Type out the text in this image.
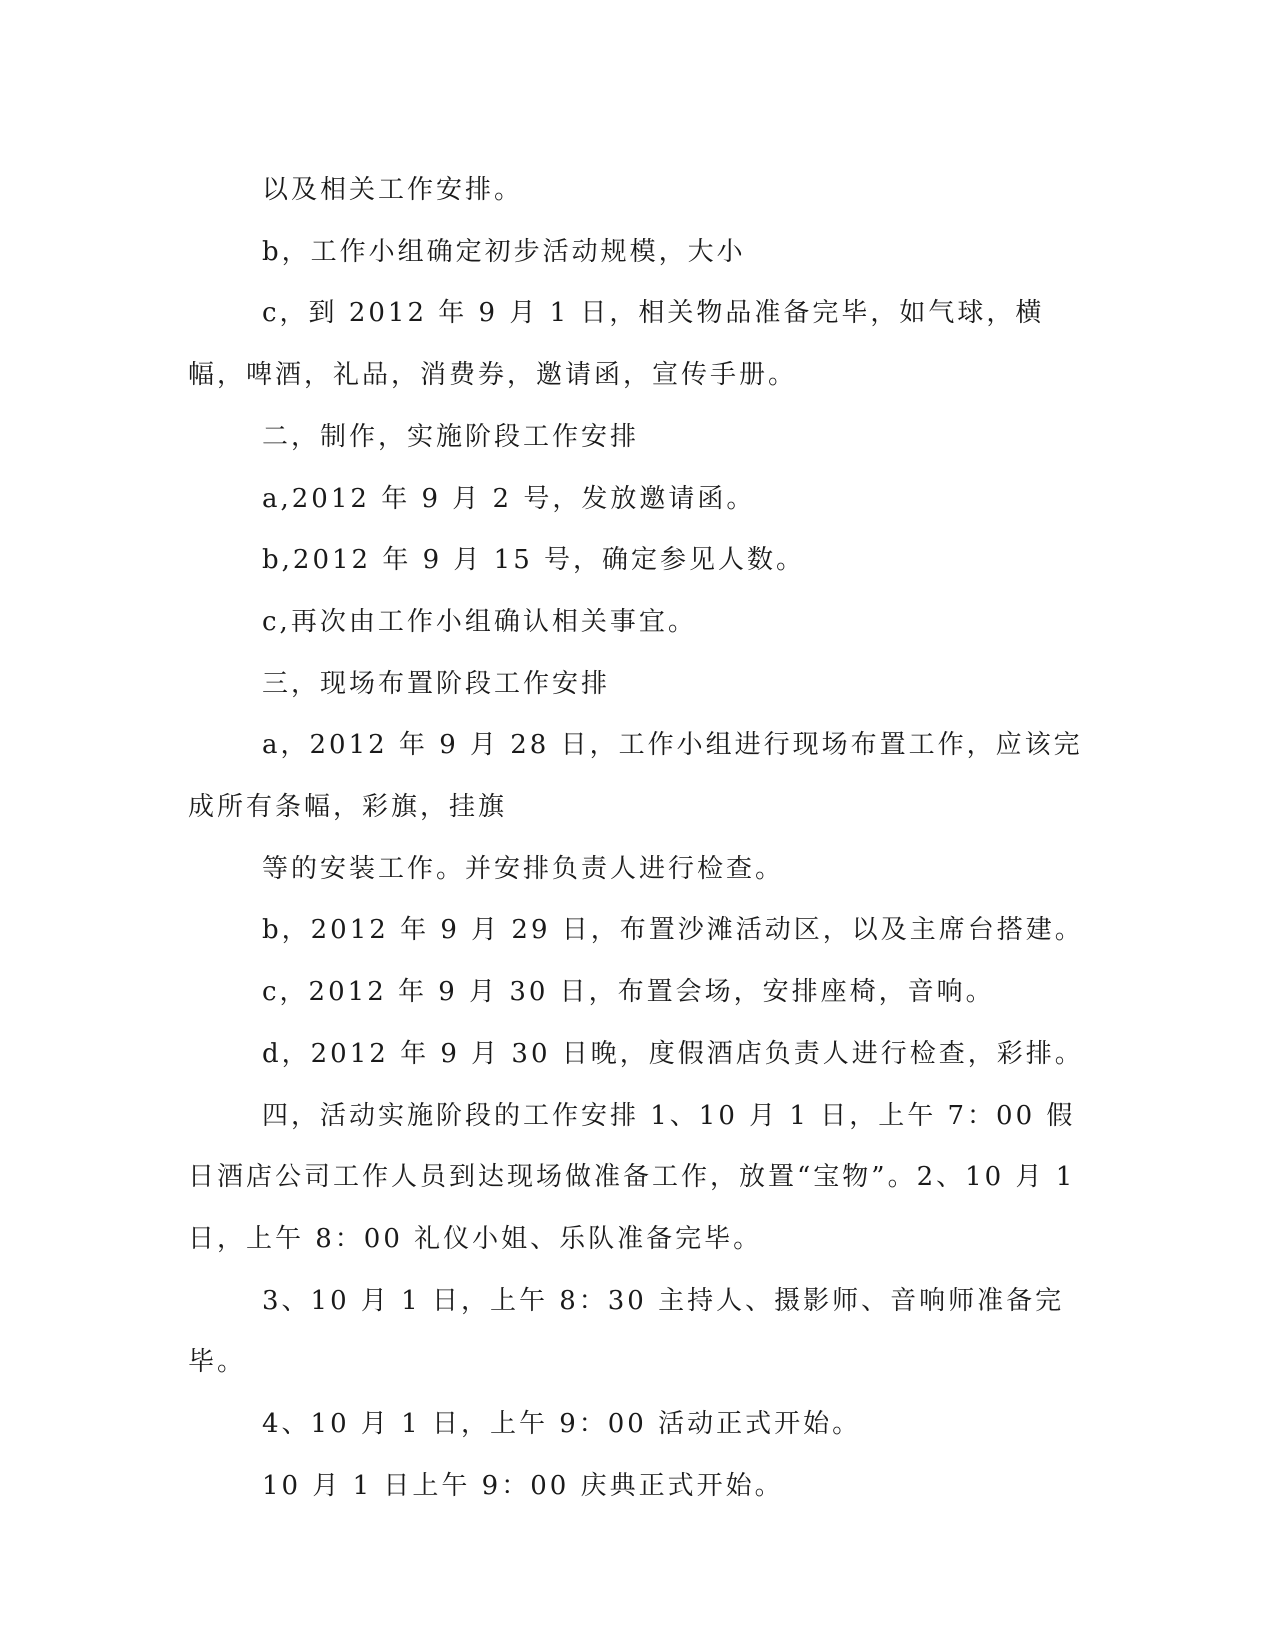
以及相关工作安排。

b，工作小组确定初步活动规模，大小

c，到 2012 年 9 月 1 日，相关物品准备完毕，如气球，横幅，啤酒，礼品，消费券，邀请函，宣传手册。

二，制作，实施阶段工作安排

a,2012 年 9 月 2 号，发放邀请函。

b,2012 年 9 月 15 号，确定参见人数。

c,再次由工作小组确认相关事宜。

三，现场布置阶段工作安排

a，2012 年 9 月 28 日，工作小组进行现场布置工作，应该完成所有条幅，彩旗，挂旗

等的安装工作。并安排负责人进行检查。

b，2012 年 9 月 29 日，布置沙滩活动区，以及主席台搭建。

c，2012 年 9 月 30 日，布置会场，安排座椅，音响。

d，2012 年 9 月 30 日晚，度假酒店负责人进行检查，彩排。

四，活动实施阶段的工作安排 1、10 月 1 日，上午 7：00 假日酒店公司工作人员到达现场做准备工作，放置“宝物”。2、10 月 1 日，上午 8：00 礼仪小姐、乐队准备完毕。

3、10 月 1 日，上午 8：30 主持人、摄影师、音响师准备完毕。

4、10 月 1 日，上午 9：00 活动正式开始。

10 月 1 日上午 9：00 庆典正式开始。
